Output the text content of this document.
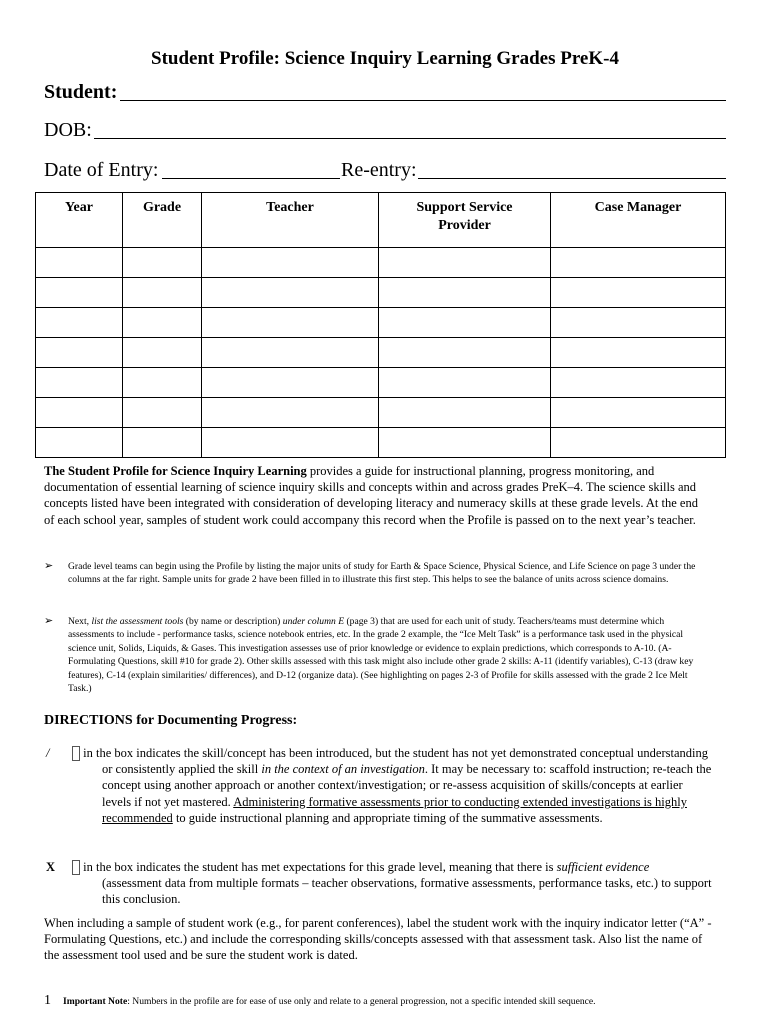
Student Profile: Science Inquiry Learning Grades PreK-4
Student:
DOB:
Date of Entry:	Re-entry:
Year	Grade	Teacher	Support Service Provider	Case Manager

The Student Profile for Science Inquiry Learning provides a guide for instructional planning, progress monitoring, and documentation of essential learning of science inquiry skills and concepts within and across grades PreK–4. The science skills and concepts listed have been integrated with consideration of developing literacy and numeracy skills at these grade levels. At the end of each school year, samples of student work could accompany this record when the Profile is passed on to the next year’s teacher.
➢ Grade level teams can begin using the Profile by listing the major units of study for Earth & Space Science, Physical Science, and Life Science on page 3 under the columns at the far right. Sample units for grade 2 have been filled in to illustrate this first step. This helps to see the balance of units across science domains.
➢ Next, list the assessment tools (by name or description) under column E (page 3) that are used for each unit of study. Teachers/teams must determine which assessments to include - performance tasks, science notebook entries, etc. In the grade 2 example, the “Ice Melt Task” is a performance task used in the physical science unit, Solids, Liquids, & Gases. This investigation assesses use of prior knowledge or evidence to explain predictions, which corresponds to A-10. (A-Formulating Questions, skill #10 for grade 2). Other skills assessed with this task might also include other grade 2 skills: A-11 (identify variables), C-13 (draw key features), C-14 (explain similarities/ differences), and D-12 (organize data). (See highlighting on pages 2-3 of Profile for skills assessed with the grade 2 Ice Melt Task.)
DIRECTIONS for Documenting Progress:
/ in the box indicates the skill/concept has been introduced, but the student has not yet demonstrated conceptual understanding or consistently applied the skill in the context of an investigation. It may be necessary to: scaffold instruction; re-teach the concept using another approach or another context/investigation; or re-assess acquisition of skills/concepts at earlier levels if not yet mastered. Administering formative assessments prior to conducting extended investigations is highly recommended to guide instructional planning and appropriate timing of the summative assessments.
X in the box indicates the student has met expectations for this grade level, meaning that there is sufficient evidence (assessment data from multiple formats – teacher observations, formative assessments, performance tasks, etc.) to support this conclusion.
When including a sample of student work (e.g., for parent conferences), label the student work with the inquiry indicator letter (“A” - Formulating Questions, etc.) and include the corresponding skills/concepts assessed with that assessment task. Also list the name of the assessment tool used and be sure the student work is dated.
1 Important Note: Numbers in the profile are for ease of use only and relate to a general progression, not a specific intended skill sequence.
